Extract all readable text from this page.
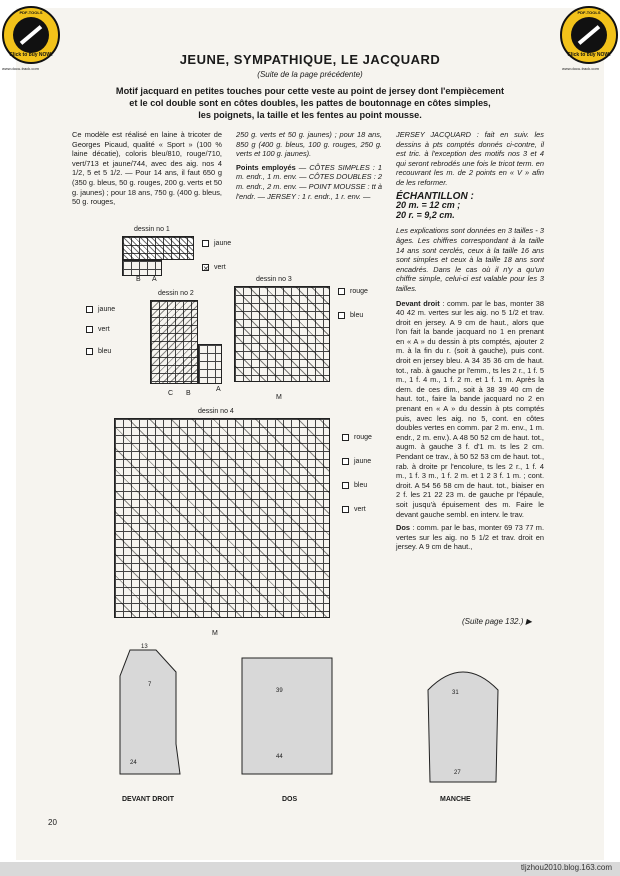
PDF-TOOLS
Click to buy NOW!
PDF-TOOLS
Click to buy NOW!
www.docu-track.com	www.docu-track.com
JEUNE, SYMPATHIQUE, LE JACQUARD
(Suite de la page précédente)
Motif jacquard en petites touches pour cette veste au point de jersey dont l'empiècement
et le col double sont en côtes doubles, les pattes de boutonnage en côtes simples,
les poignets, la taille et les fentes au point mousse.

Ce modèle est réalisé en laine à tricoter de Georges Picaud, qualité « Sport » (100 % laine décatie), coloris bleu/810, rouge/710, vert/713 et jaune/744, avec des aig. nos 4 1/2, 5 et 5 1/2. — Pour 14 ans, il faut 650 g (350 g. bleus, 50 g. rouges, 200 g. verts et 50 g. jaunes) ; pour 18 ans, 750 g. (400 g. bleus, 50 g. rouges,

250 g. verts et 50 g. jaunes) ; pour 18 ans, 850 g (400 g. bleus, 100 g. rouges, 250 g. verts et 100 g. jaunes).

Points employés — CÔTES SIMPLES : 1 m. endr., 1 m. env. — CÔTES DOUBLES : 2 m. endr., 2 m. env. — POINT MOUSSE : tt à l'endr. — JERSEY : 1 r. endr., 1 r. env. —

JERSEY JACQUARD : fait en suiv. les dessins à pts comptés donnés ci-contre, il est tric. à l'exception des motifs nos 3 et 4 qui seront rebrodés une fois le tricot term. en recouvrant les m. de 2 points en « V » afin de les reformer.

ÉCHANTILLON :

20 m. = 12 cm ;

20 r. = 9,2 cm.

Les explications sont données en 3 tailles - 3 âges. Les chiffres correspondant à la taille 14 ans sont cerclés, ceux à la taille 16 ans sont simples et ceux à la taille 18 ans sont encadrés. Dans le cas où il n'y a qu'un chiffre simple, celui-ci est valable pour les 3 tailles.

Devant droit : comm. par le bas, monter 38 40 42 m. vertes sur les aig. no 5 1/2 et trav. droit en jersey. A 9 cm de haut., alors que l'on fait la bande jacquard no 1 en prenant en « A » du dessin à pts comptés, ajouter 2 m. à la fin du r. (soit à gauche), puis cont. droit en jersey bleu. A 34 35 36 cm de haut. tot., rab. à gauche pr l'emm., ts les 2 r., 1 f. 5 m., 1 f. 4 m., 1 f. 2 m. et 1 f. 1 m. Après la dern. de ces dim., soit à 38 39 40 cm de haut. tot., faire la bande jacquard no 2 en prenant en « A » du dessin à pts comptés puis, avec les aig. no 5, cont. en côtes doubles vertes en comm. par 2 m. env., 1 m. endr., 2 m. env.). A 48 50 52 cm de haut. tot., augm. à gauche 3 f. d'1 m. ts les 2 cm. Pendant ce trav., à 50 52 53 cm de haut. tot., rab. à droite pr l'encolure, ts les 2 r., 1 f. 4 m., 1 f. 3 m., 1 f. 2 m. et 1 2 3 f. 1 m. ; cont. droit. A 54 56 58 cm de haut. tot., biaiser en 2 f. les 21 22 23 m. de gauche pr l'épaule, soit jusqu'à épuisement des m. Faire le devant gauche sembl. en interv. le trav.

Dos : comm. par le bas, monter 69 73 77 m. vertes sur les aig. no 5 1/2 et trav. droit en jersey. A 9 cm de haut.,

(Suite page 132.) ▶
dessin no 1
B A
jaune
✕ vert
dessin no 2
C B
A
jaune
vert
bleu
dessin no 3
M
rouge
bleu
dessin no 4
M
rouge
jaune
bleu
vert
DEVANT DROIT	DOS	MANCHE
13
7
24
39
44
31
27
20
tljzhou2010.blog.163.com
